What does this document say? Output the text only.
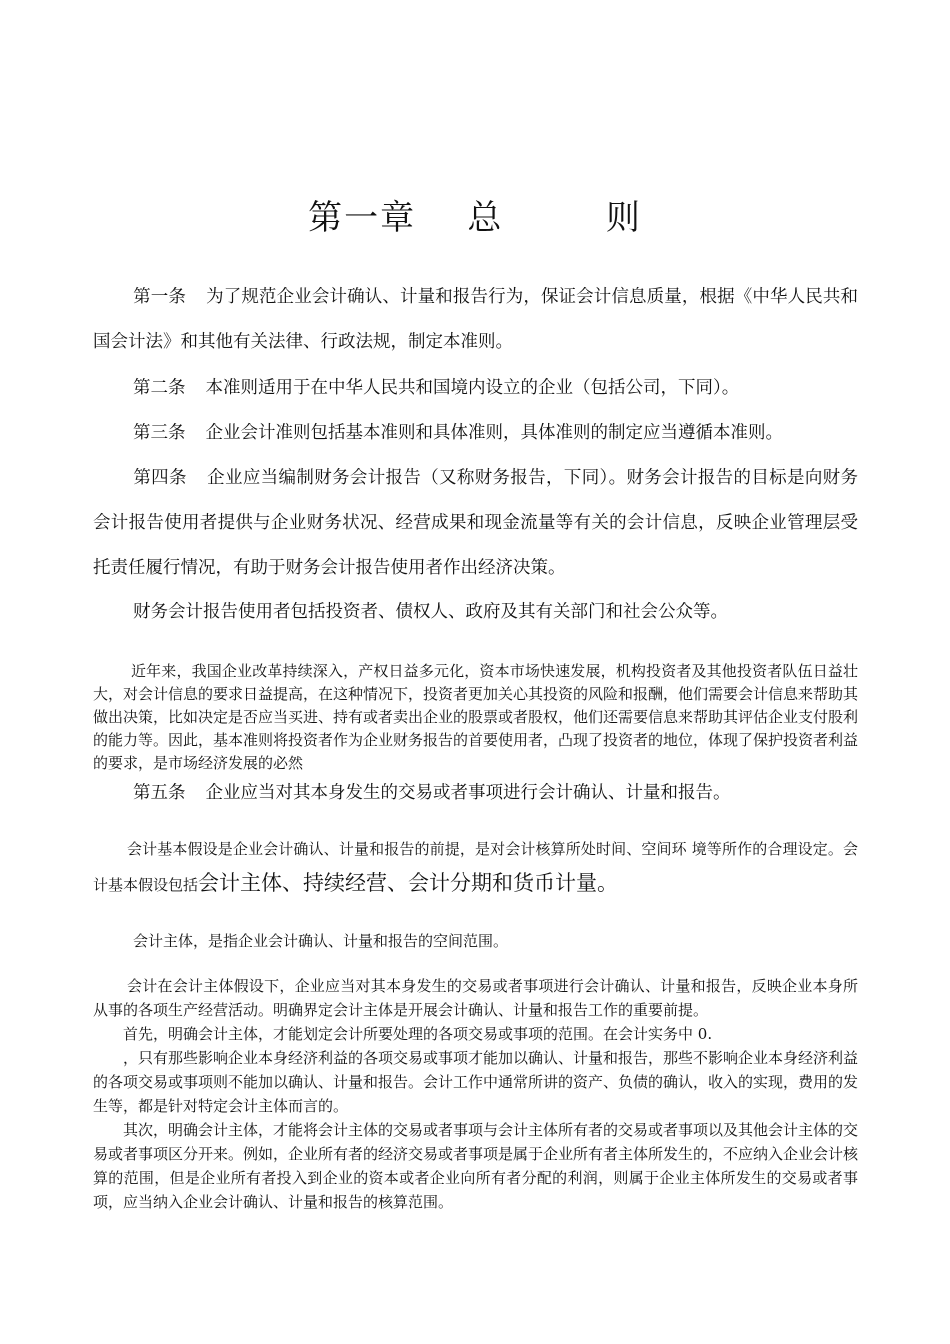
第一章    总        则

第一条 为了规范企业会计确认、计量和报告行为，保证会计信息质量，根据《中华人民共和国会计法》和其他有关法律、行政法规，制定本准则。

第二条 本准则适用于在中华人民共和国境内设立的企业（包括公司，下同）。

第三条 企业会计准则包括基本准则和具体准则，具体准则的制定应当遵循本准则。

第四条 企业应当编制财务会计报告（又称财务报告，下同）。财务会计报告的目标是向财务会计报告使用者提供与企业财务状况、经营成果和现金流量等有关的会计信息，反映企业管理层受托责任履行情况，有助于财务会计报告使用者作出经济决策。

财务会计报告使用者包括投资者、债权人、政府及其有关部门和社会公众等。

近年来，我国企业改革持续深入，产权日益多元化，资本市场快速发展，机构投资者及其他投资者队伍日益壮大，对会计信息的要求日益提高，在这种情况下，投资者更加关心其投资的风险和报酬，他们需要会计信息来帮助其做出决策，比如决定是否应当买进、持有或者卖出企业的股票或者股权，他们还需要信息来帮助其评估企业支付股利的能力等。因此，基本准则将投资者作为企业财务报告的首要使用者，凸现了投资者的地位，体现了保护投资者利益的要求，是市场经济发展的必然

第五条 企业应当对其本身发生的交易或者事项进行会计确认、计量和报告。

会计基本假设是企业会计确认、计量和报告的前提，是对会计核算所处时间、空间环 境等所作的合理设定。会计基本假设包括会计主体、持续经营、会计分期和货币计量。

会计主体，是指企业会计确认、计量和报告的空间范围。

会计在会计主体假设下，企业应当对其本身发生的交易或者事项进行会计确认、计量和报告，反映企业本身所从事的各项生产经营活动。明确界定会计主体是开展会计确认、计量和报告工作的重要前提。

首先，明确会计主体，才能划定会计所要处理的各项交易或事项的范围。在会计实务中 0.

，只有那些影响企业本身经济利益的各项交易或事项才能加以确认、计量和报告，那些不影响企业本身经济利益的各项交易或事项则不能加以确认、计量和报告。会计工作中通常所讲的资产、负债的确认，收入的实现，费用的发生等，都是针对特定会计主体而言的。

其次，明确会计主体，才能将会计主体的交易或者事项与会计主体所有者的交易或者事项以及其他会计主体的交易或者事项区分开来。例如，企业所有者的经济交易或者事项是属于企业所有者主体所发生的，不应纳入企业会计核算的范围，但是企业所有者投入到企业的资本或者企业向所有者分配的利润，则属于企业主体所发生的交易或者事项，应当纳入企业会计确认、计量和报告的核算范围。
